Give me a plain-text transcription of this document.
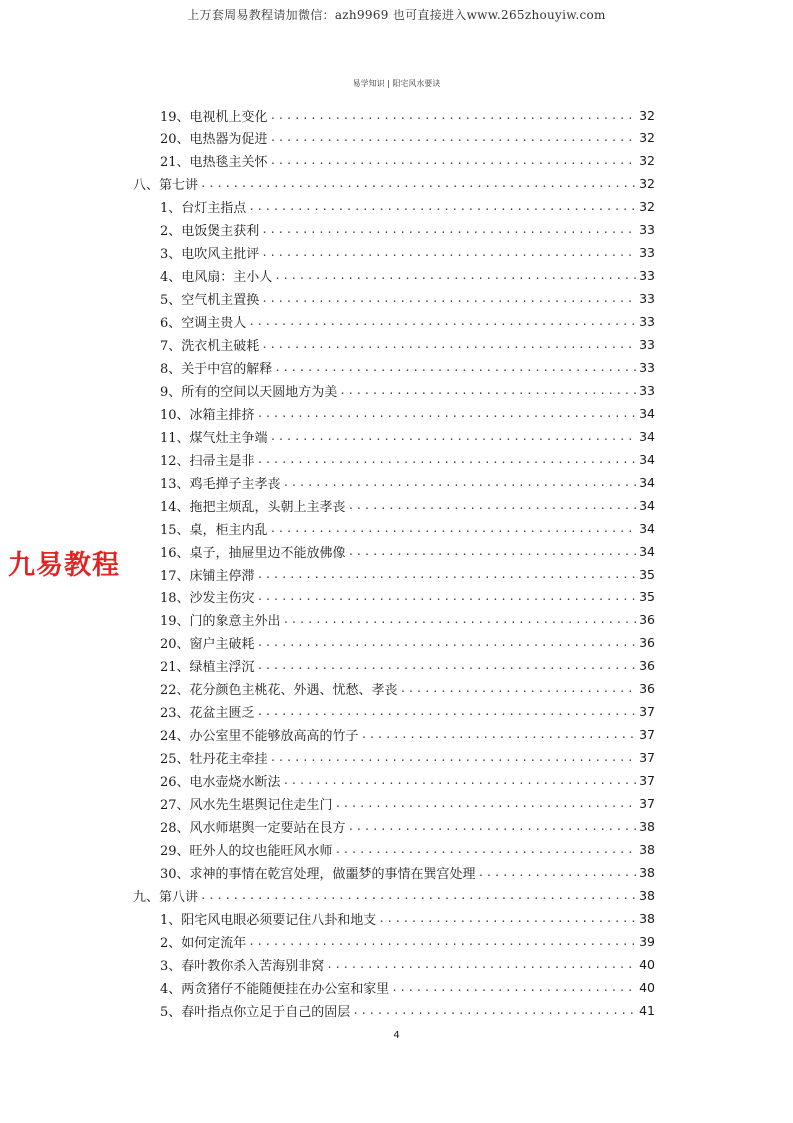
上万套周易教程请加微信：azh9969 也可直接进入www.265zhouyiw.com
易学知识 | 阳宅风水要诀
19、 电视机上变化 .....	32
20、 电热器为促进 .....	32
21、 电热毯主关怀 .....	32
八、 第七讲 .....	32
1、 台灯主指点 .....	32
2、 电饭煲主获利 .....	33
3、 电吹风主批评 .....	33
4、 电风扇：主小人 .....	33
5、 空气机主置换 .....	33
6、 空调主贵人 .....	33
7、 洗衣机主破耗 .....	33
8、 关于中宫的解释 .....	33
9、 所有的空间以天圆地方为美 .....	33
10、 冰箱主排挤 .....	34
11、 煤气灶主争端 .....	34
12、 扫帚主是非 .....	34
13、 鸡毛掸子主孝丧 .....	34
14、 拖把主烦乱，头朝上主孝丧 .....	34
15、 桌，柜主内乱 .....	34
16、 桌子，抽屉里边不能放佛像 .....	34
17、 床铺主停滞 .....	35
18、 沙发主伤灾 .....	35
19、 门的象意主外出 .....	36
20、 窗户主破耗 .....	36
21、 绿植主浮沉 .....	36
22、 花分颜色主桃花、外遇、忧愁、孝丧 .....	36
23、 花盆主匮乏 .....	37
24、 办公室里不能够放高高的竹子 .....	37
25、 牡丹花主牵挂 .....	37
26、 电水壶烧水断法 .....	37
27、 风水先生堪舆记住走生门 .....	37
28、 风水师堪舆一定要站在艮方 .....	38
29、 旺外人的坟也能旺风水师 .....	38
30、 求神的事情在乾宫处理，做噩梦的事情在巽宫处理 .....	38
九、 第八讲 .....	38
1、 阳宅风电眼必须要记住八卦和地支 .....	38
2、 如何定流年 .....	39
3、 春叶教你杀入苦海别非窝 .....	40
4、 两贪猪仔不能随便挂在办公室和家里 .....	40
5、 春叶指点你立足于自己的固层 .....	41
九易教程
4
